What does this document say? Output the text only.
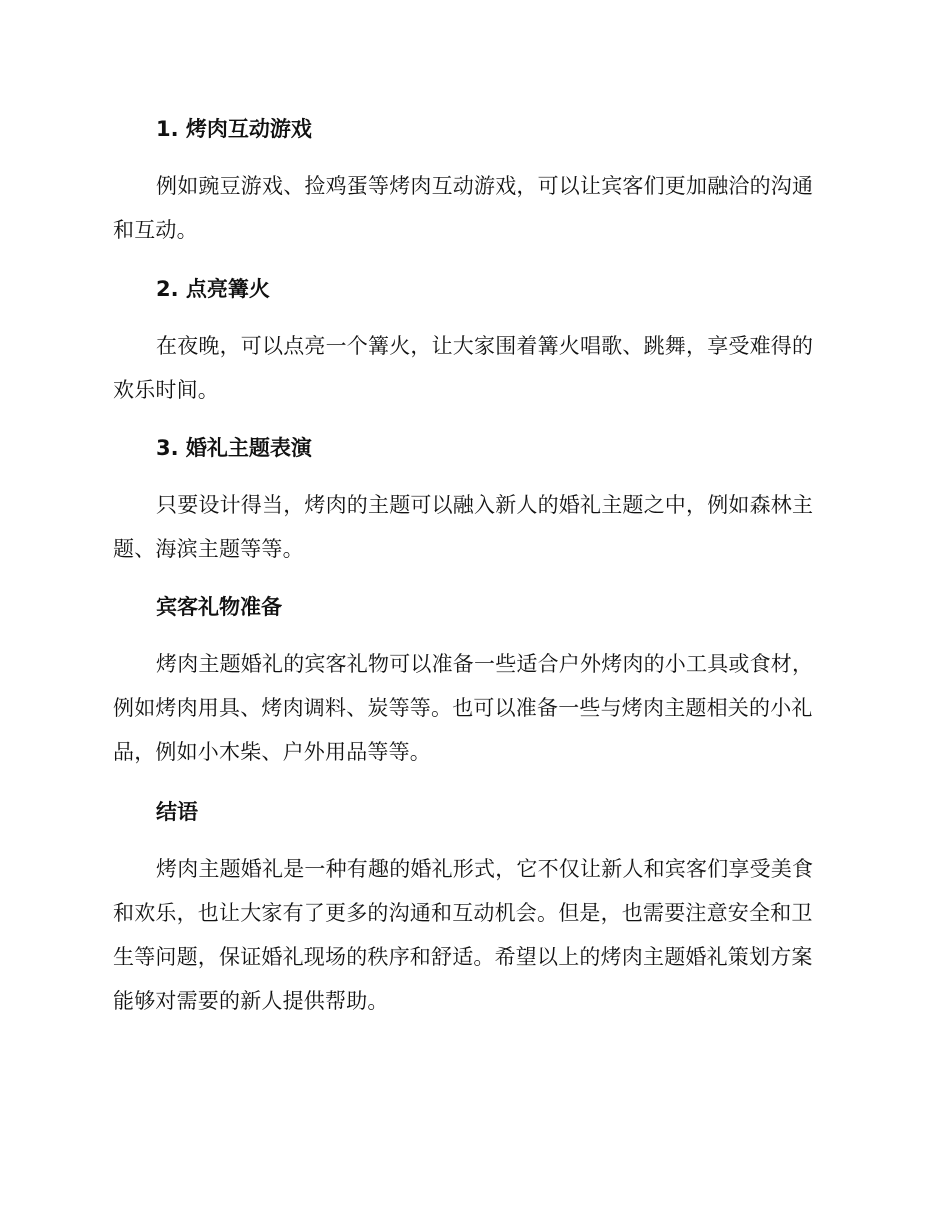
1. 烤肉互动游戏

例如豌豆游戏、捡鸡蛋等烤肉互动游戏，可以让宾客们更加融洽的沟通和互动。

2. 点亮篝火

在夜晚，可以点亮一个篝火，让大家围着篝火唱歌、跳舞，享受难得的欢乐时间。

3. 婚礼主题表演

只要设计得当，烤肉的主题可以融入新人的婚礼主题之中，例如森林主题、海滨主题等等。

宾客礼物准备

烤肉主题婚礼的宾客礼物可以准备一些适合户外烤肉的小工具或食材，例如烤肉用具、烤肉调料、炭等等。也可以准备一些与烤肉主题相关的小礼品，例如小木柴、户外用品等等。

结语

烤肉主题婚礼是一种有趣的婚礼形式，它不仅让新人和宾客们享受美食和欢乐，也让大家有了更多的沟通和互动机会。但是，也需要注意安全和卫生等问题，保证婚礼现场的秩序和舒适。希望以上的烤肉主题婚礼策划方案能够对需要的新人提供帮助。
